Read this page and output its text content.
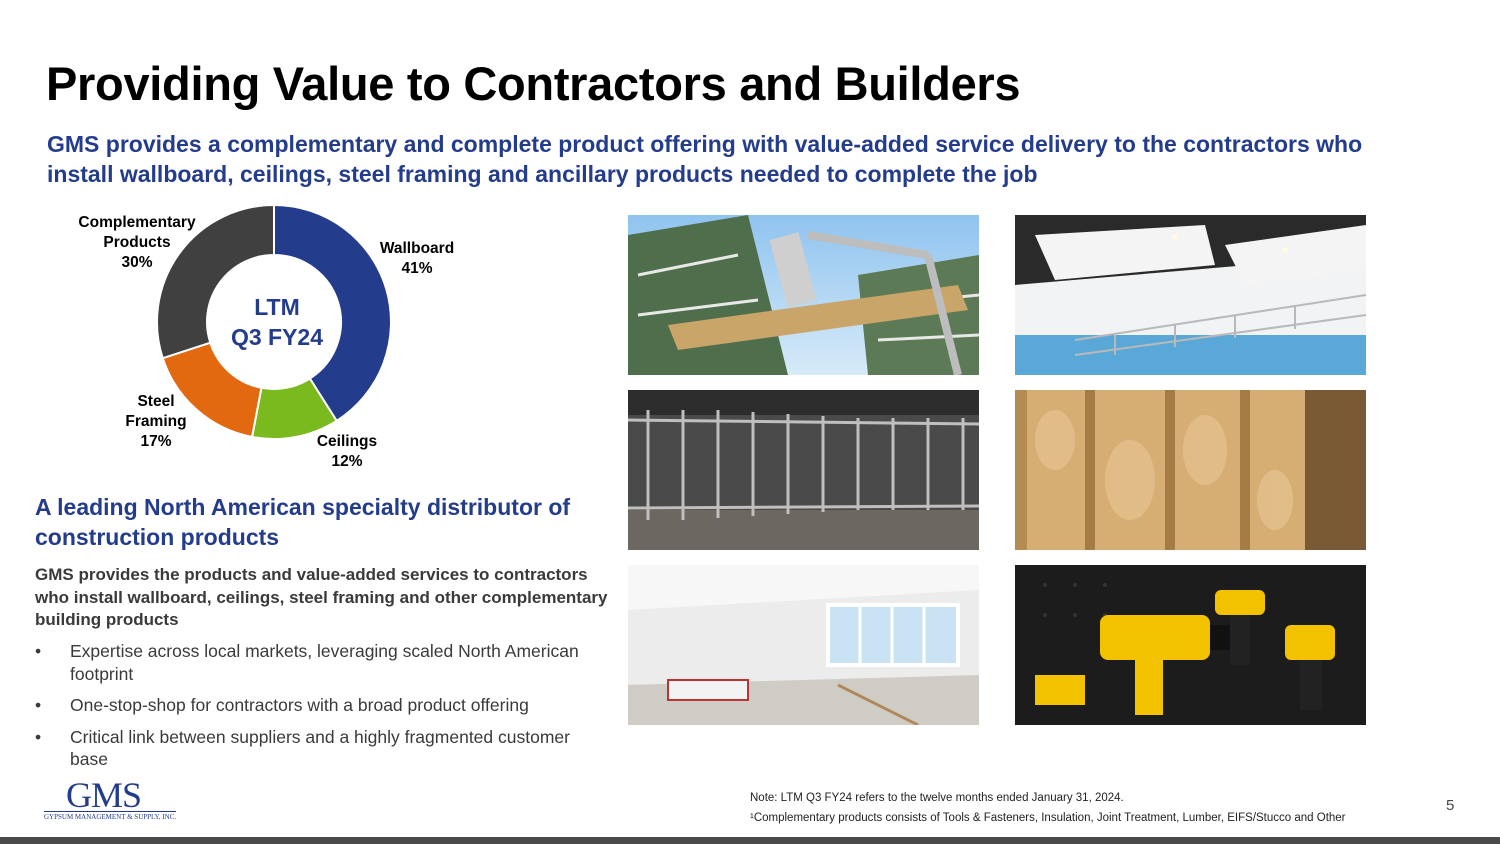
Providing Value to Contractors and Builders

GMS provides a complementary and complete product offering with value-added service delivery to the contractors who install wallboard, ceilings, steel framing and ancillary products needed to complete the job

LTM
Q3 FY24
Wallboard
41%
Ceilings
12%
Steel
Framing
17%
Complementary
Products
30%
A leading North American specialty distributor of construction products

GMS provides the products and value-added services to contractors who install wallboard, ceilings, steel framing and other complementary building products

• Expertise across local markets, leveraging scaled North American footprint
• One-stop-shop for contractors with a broad product offering
• Critical link between suppliers and a highly fragmented customer base
GMS
GYPSUM MANAGEMENT & SUPPLY, INC.
Note: LTM Q3 FY24 refers to the twelve months ended January 31, 2024.
¹Complementary products consists of Tools & Fasteners, Insulation, Joint Treatment, Lumber, EIFS/Stucco and Other
5
